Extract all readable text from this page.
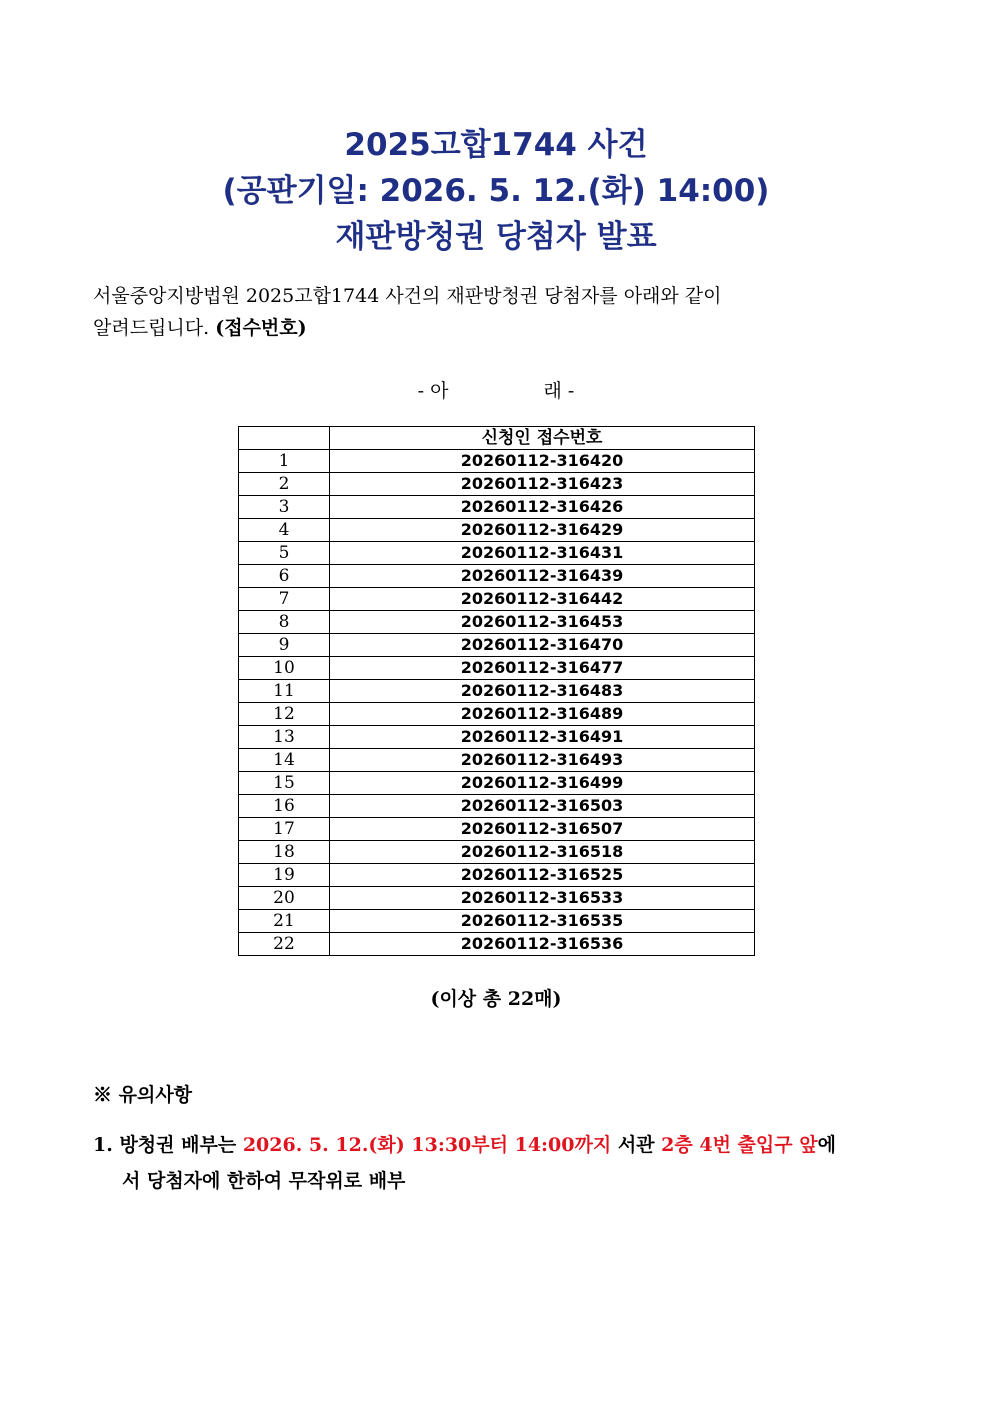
2025고합1744 사건
(공판기일: 2026. 5. 12.(화) 14:00)
재판방청권 당첨자 발표
서울중앙지방법원 2025고합1744 사건의 재판방청권 당첨자를 아래와 같이
알려드립니다. (접수번호)
- 아	래 -
	신청인 접수번호
1	20260112-316420
2	20260112-316423
3	20260112-316426
4	20260112-316429
5	20260112-316431
6	20260112-316439
7	20260112-316442
8	20260112-316453
9	20260112-316470
10	20260112-316477
11	20260112-316483
12	20260112-316489
13	20260112-316491
14	20260112-316493
15	20260112-316499
16	20260112-316503
17	20260112-316507
18	20260112-316518
19	20260112-316525
20	20260112-316533
21	20260112-316535
22	20260112-316536
(이상 총 22매)
※ 유의사항
1. 방청권 배부는 2026. 5. 12.(화) 13:30부터 14:00까지 서관 2층 4번 출입구 앞에
서 당첨자에 한하여 무작위로 배부
